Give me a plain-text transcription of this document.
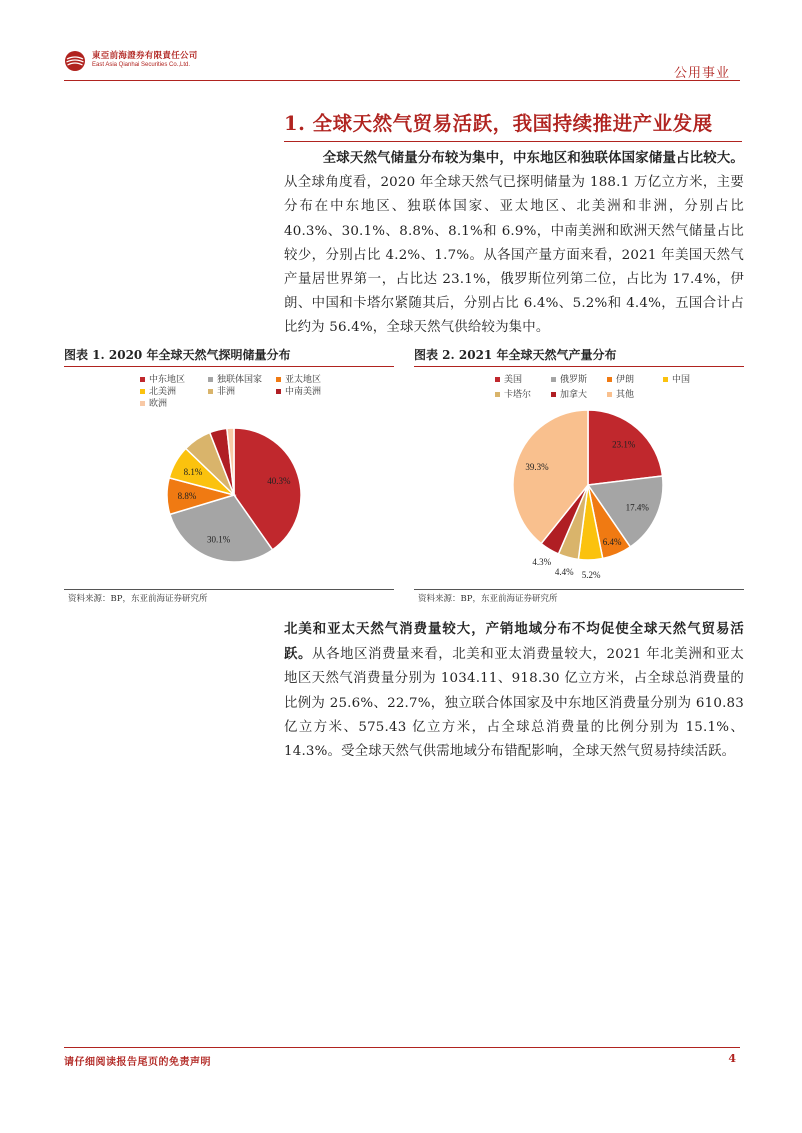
東亞前海證券有限責任公司
East Asia Qianhai Securities Co.,Ltd.
公用事业
1. 全球天然气贸易活跃，我国持续推进产业发展
全球天然气储量分布较为集中，中东地区和独联体国家储量占比较大。
从全球角度看，2020 年全球天然气已探明储量为 188.1 万亿立方米，主要分布在中东地区、独联体国家、亚太地区、北美洲和非洲，分别占比 40.3%、30.1%、8.8%、8.1%和 6.9%，中南美洲和欧洲天然气储量占比较少，分别占比 4.2%、1.7%。从各国产量方面来看，2021 年美国天然气产量居世界第一，占比达 23.1%，俄罗斯位列第二位，占比为 17.4%，伊朗、中国和卡塔尔紧随其后，分别占比 6.4%、5.2%和 4.4%，五国合计占比约为 56.4%，全球天然气供给较为集中。
图表 1. 2020 年全球天然气探明储量分布
中东地区	独联体国家	亚太地区
北美洲	非洲	中南美洲
欧洲
40.3%
30.1%
8.8%
8.1%
资料来源：BP，东亚前海证券研究所
图表 2. 2021 年全球天然气产量分布
美国	俄罗斯	伊朗	中国
卡塔尔	加拿大	其他
23.1%
17.4%
6.4%
5.2%
4.4%
4.3%
39.3%
资料来源：BP，东亚前海证券研究所
北美和亚太天然气消费量较大，产销地域分布不均促使全球天然气贸易活跃。从各地区消费量来看，北美和亚太消费量较大，2021 年北美洲和亚太地区天然气消费量分别为 1034.11、918.30 亿立方米，占全球总消费量的比例为 25.6%、22.7%，独立联合体国家及中东地区消费量分别为 610.83 亿立方米、575.43 亿立方米，占全球总消费量的比例分别为 15.1%、14.3%。受全球天然气供需地域分布错配影响，全球天然气贸易持续活跃。
请仔细阅读报告尾页的免责声明	4
